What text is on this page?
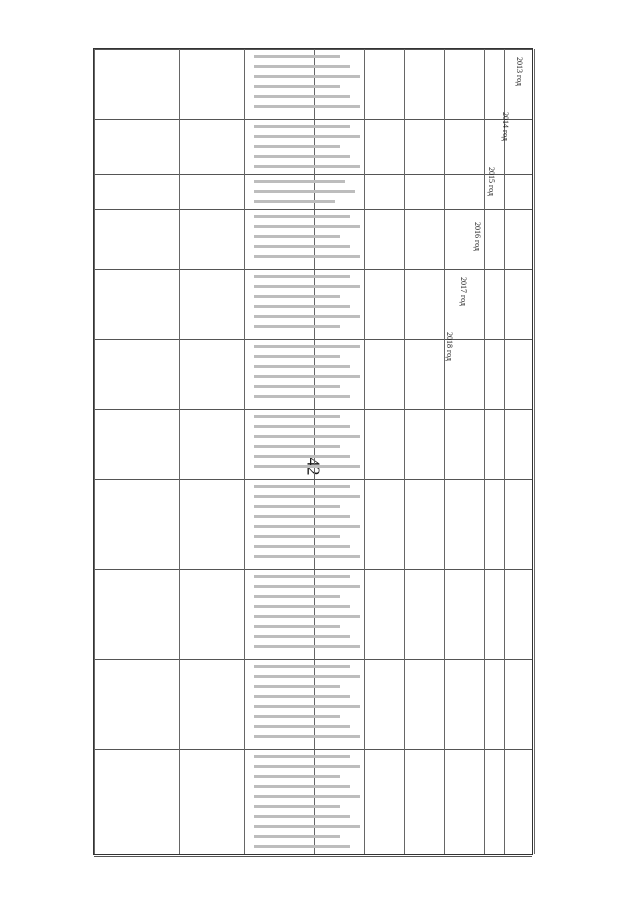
2013 год
2014 год
2015 год
2016 год
2017 год
2018 год
